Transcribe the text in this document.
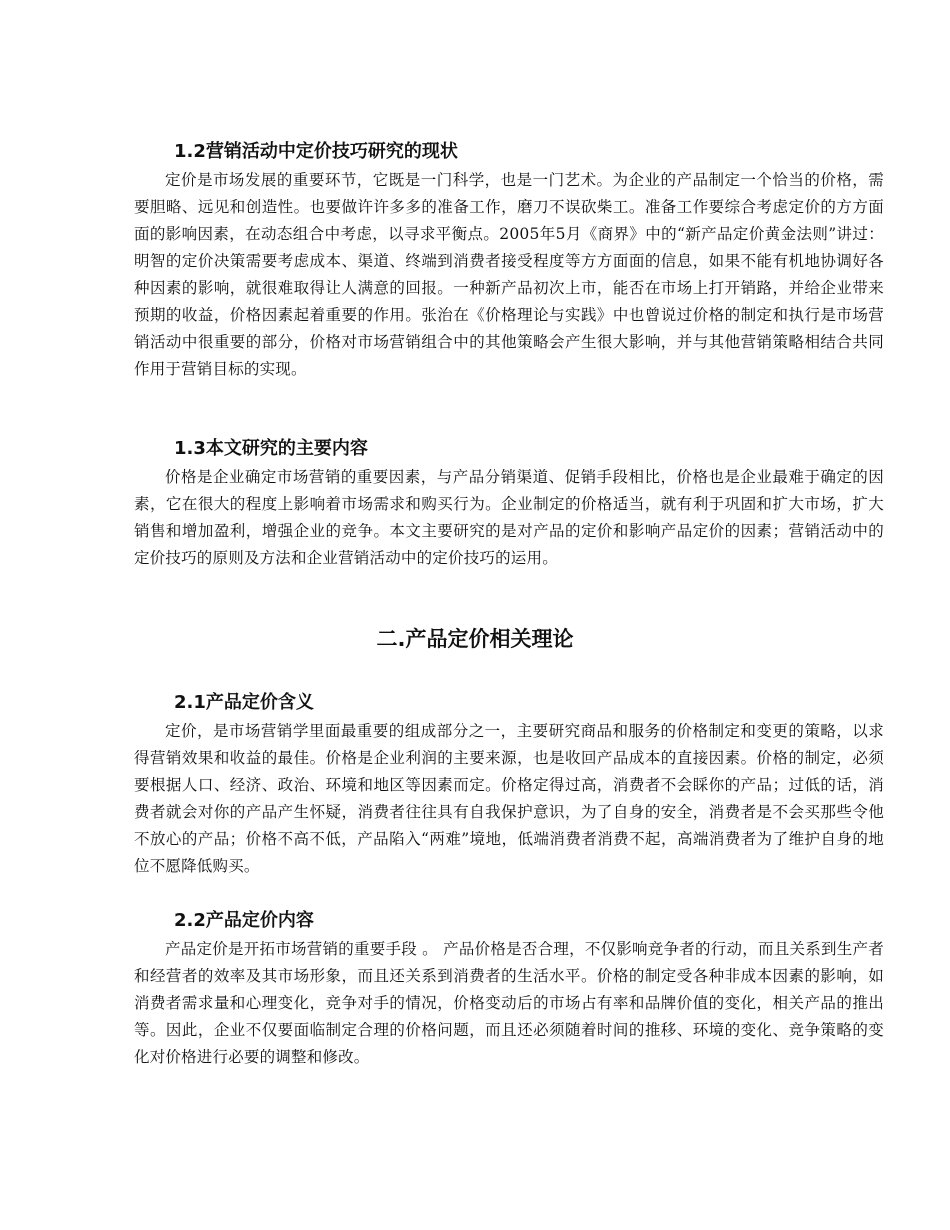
1.2营销活动中定价技巧研究的现状

定价是市场发展的重要环节，它既是一门科学，也是一门艺术。为企业的产品制定一个恰当的价格，需要胆略、远见和创造性。也要做许许多多的准备工作，磨刀不误砍柴工。准备工作要综合考虑定价的方方面面的影响因素，在动态组合中考虑，以寻求平衡点。2005年5月《商界》中的“新产品定价黄金法则”讲过：明智的定价决策需要考虑成本、渠道、终端到消费者接受程度等方方面面的信息，如果不能有机地协调好各种因素的影响，就很难取得让人满意的回报。一种新产品初次上市，能否在市场上打开销路，并给企业带来预期的收益，价格因素起着重要的作用。张治在《价格理论与实践》中也曾说过价格的制定和执行是市场营销活动中很重要的部分，价格对市场营销组合中的其他策略会产生很大影响，并与其他营销策略相结合共同作用于营销目标的实现。

1.3本文研究的主要内容

价格是企业确定市场营销的重要因素，与产品分销渠道、促销手段相比，价格也是企业最难于确定的因素，它在很大的程度上影响着市场需求和购买行为。企业制定的价格适当，就有利于巩固和扩大市场，扩大销售和增加盈利，增强企业的竞争。本文主要研究的是对产品的定价和影响产品定价的因素；营销活动中的定价技巧的原则及方法和企业营销活动中的定价技巧的运用。

二.产品定价相关理论
2.1产品定价含义

定价，是市场营销学里面最重要的组成部分之一，主要研究商品和服务的价格制定和变更的策略，以求得营销效果和收益的最佳。价格是企业利润的主要来源，也是收回产品成本的直接因素。价格的制定，必须要根据人口、经济、政治、环境和地区等因素而定。价格定得过高，消费者不会睬你的产品；过低的话，消费者就会对你的产品产生怀疑，消费者往往具有自我保护意识，为了自身的安全，消费者是不会买那些令他不放心的产品；价格不高不低，产品陷入“两难”境地，低端消费者消费不起，高端消费者为了维护自身的地位不愿降低购买。

2.2产品定价内容

产品定价是开拓市场营销的重要手段 。 产品价格是否合理，不仅影响竞争者的行动，而且关系到生产者和经营者的效率及其市场形象，而且还关系到消费者的生活水平。价格的制定受各种非成本因素的影响，如消费者需求量和心理变化，竞争对手的情况，价格变动后的市场占有率和品牌价值的变化，相关产品的推出等。因此，企业不仅要面临制定合理的价格问题，而且还必须随着时间的推移、环境的变化、竞争策略的变化对价格进行必要的调整和修改。
